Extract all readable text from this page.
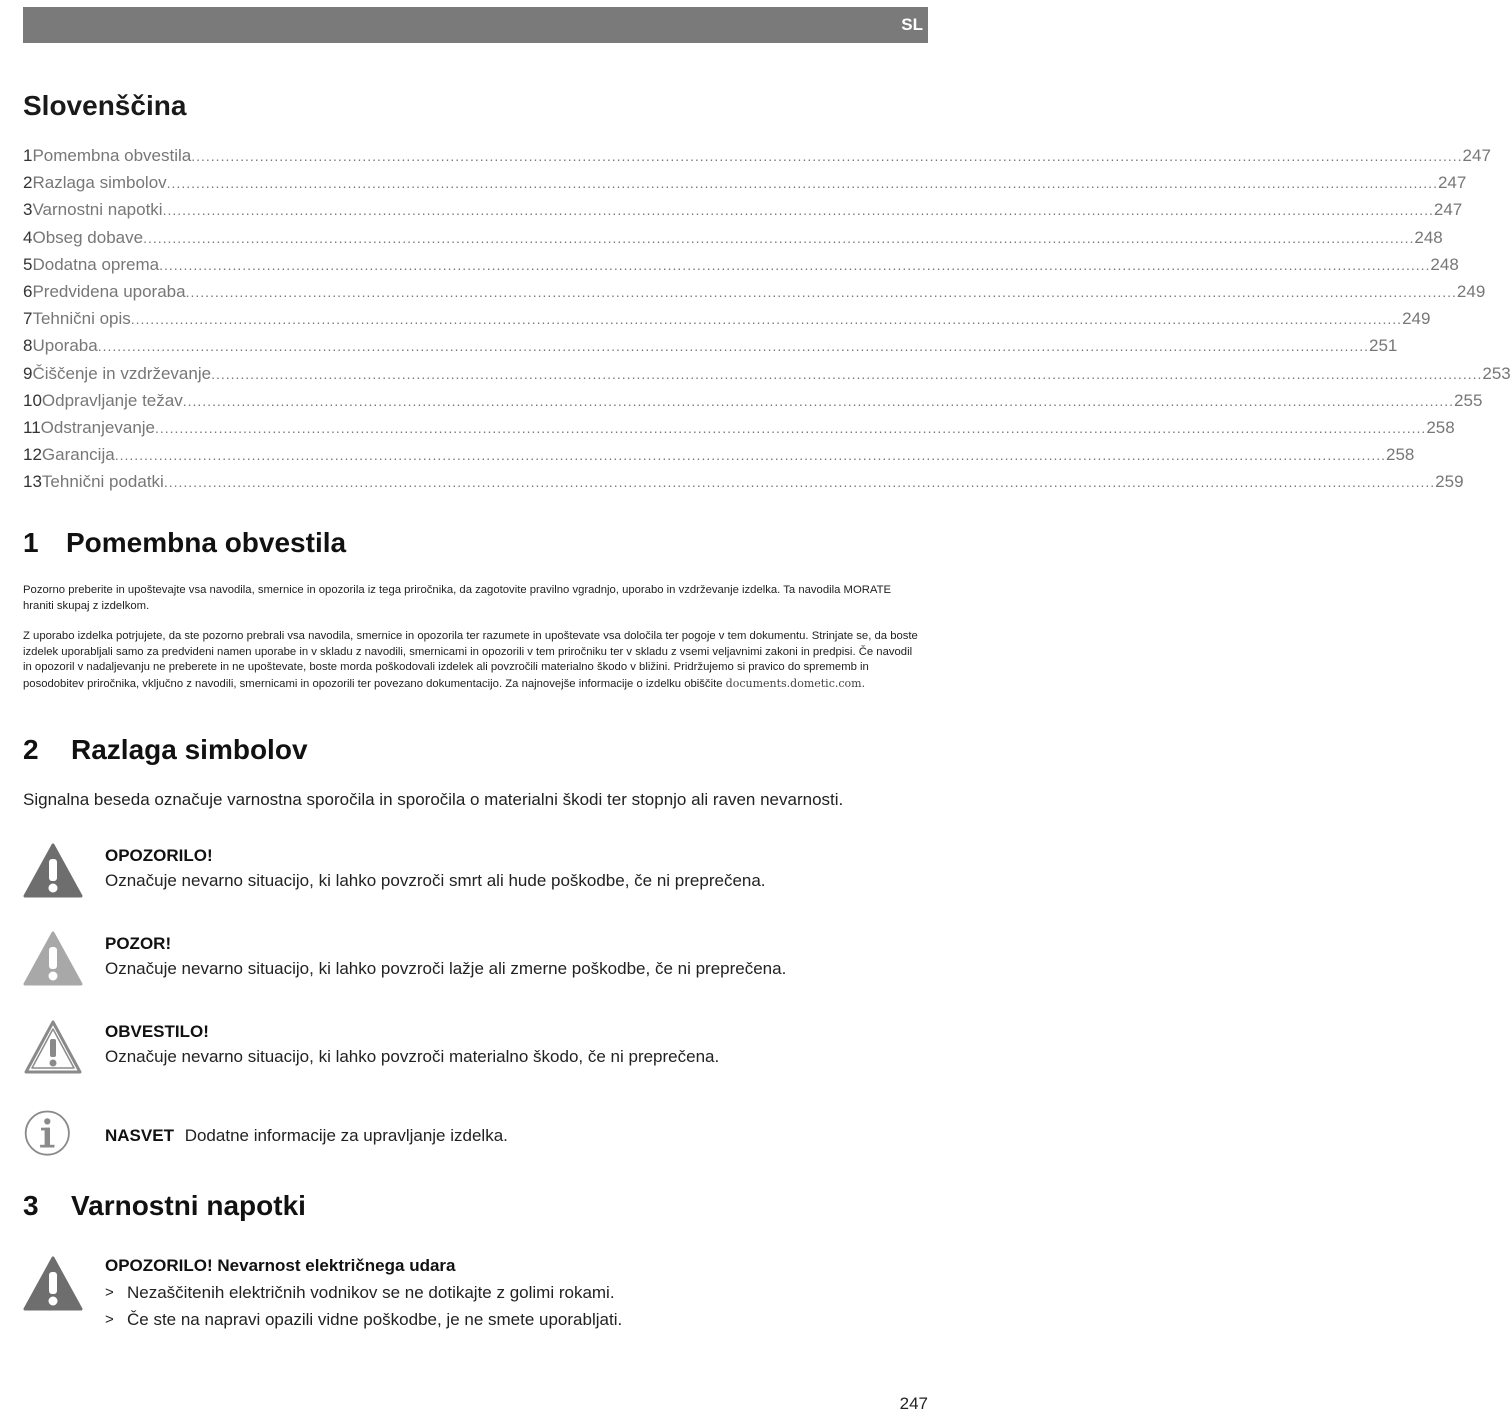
SL
Slovenščina
1 Pomembna obvestila .................................................................................................................................................................................................................................................................... 247
2 Razlaga simbolov .................................................................................................................................................................................................................................................................... 247
3 Varnostni napotki .................................................................................................................................................................................................................................................................... 247
4 Obseg dobave .................................................................................................................................................................................................................................................................... 248
5 Dodatna oprema .................................................................................................................................................................................................................................................................... 248
6 Predvidena uporaba .................................................................................................................................................................................................................................................................... 249
7 Tehnični opis .................................................................................................................................................................................................................................................................... 249
8 Uporaba .................................................................................................................................................................................................................................................................... 251
9 Čiščenje in vzdrževanje .................................................................................................................................................................................................................................................................... 253
10 Odpravljanje težav .................................................................................................................................................................................................................................................................... 255
11 Odstranjevanje .................................................................................................................................................................................................................................................................... 258
12 Garancija .................................................................................................................................................................................................................................................................... 258
13 Tehnični podatki .................................................................................................................................................................................................................................................................... 259
1 Pomembna obvestila

Pozorno preberite in upoštevajte vsa navodila, smernice in opozorila iz tega priročnika, da zagotovite pravilno vgradnjo, uporabo in vzdrževanje izdelka. Ta navodila MORATE hraniti skupaj z izdelkom.

Z uporabo izdelka potrjujete, da ste pozorno prebrali vsa navodila, smernice in opozorila ter razumete in upoštevate vsa določila ter pogoje v tem dokumentu. Strinjate se, da boste izdelek uporabljali samo za predvideni namen uporabe in v skladu z navodili, smernicami in opozorili v tem priročniku ter v skladu z vsemi veljavnimi zakoni in predpisi. Če navodil in opozoril v nadaljevanju ne preberete in ne upoštevate, boste morda poškodovali izdelek ali povzročili materialno škodo v bližini. Pridržujemo si pravico do sprememb in posodobitev priročnika, vključno z navodili, smernicami in opozorili ter povezano dokumentacijo. Za najnovejše informacije o izdelku obiščite documents.dometic.com.

2 Razlaga simbolov

Signalna beseda označuje varnostna sporočila in sporočila o materialni škodi ter stopnjo ali raven nevarnosti.

OPOZORILO!
Označuje nevarno situacijo, ki lahko povzroči smrt ali hude poškodbe, če ni preprečena.
POZOR!
Označuje nevarno situacijo, ki lahko povzroči lažje ali zmerne poškodbe, če ni preprečena.
OBVESTILO!
Označuje nevarno situacijo, ki lahko povzroči materialno škodo, če ni preprečena.
NASVET Dodatne informacije za upravljanje izdelka.
3 Varnostni napotki
OPOZORILO! Nevarnost električnega udara
> Nezaščitenih električnih vodnikov se ne dotikajte z golimi rokami.
> Če ste na napravi opazili vidne poškodbe, je ne smete uporabljati.
247
